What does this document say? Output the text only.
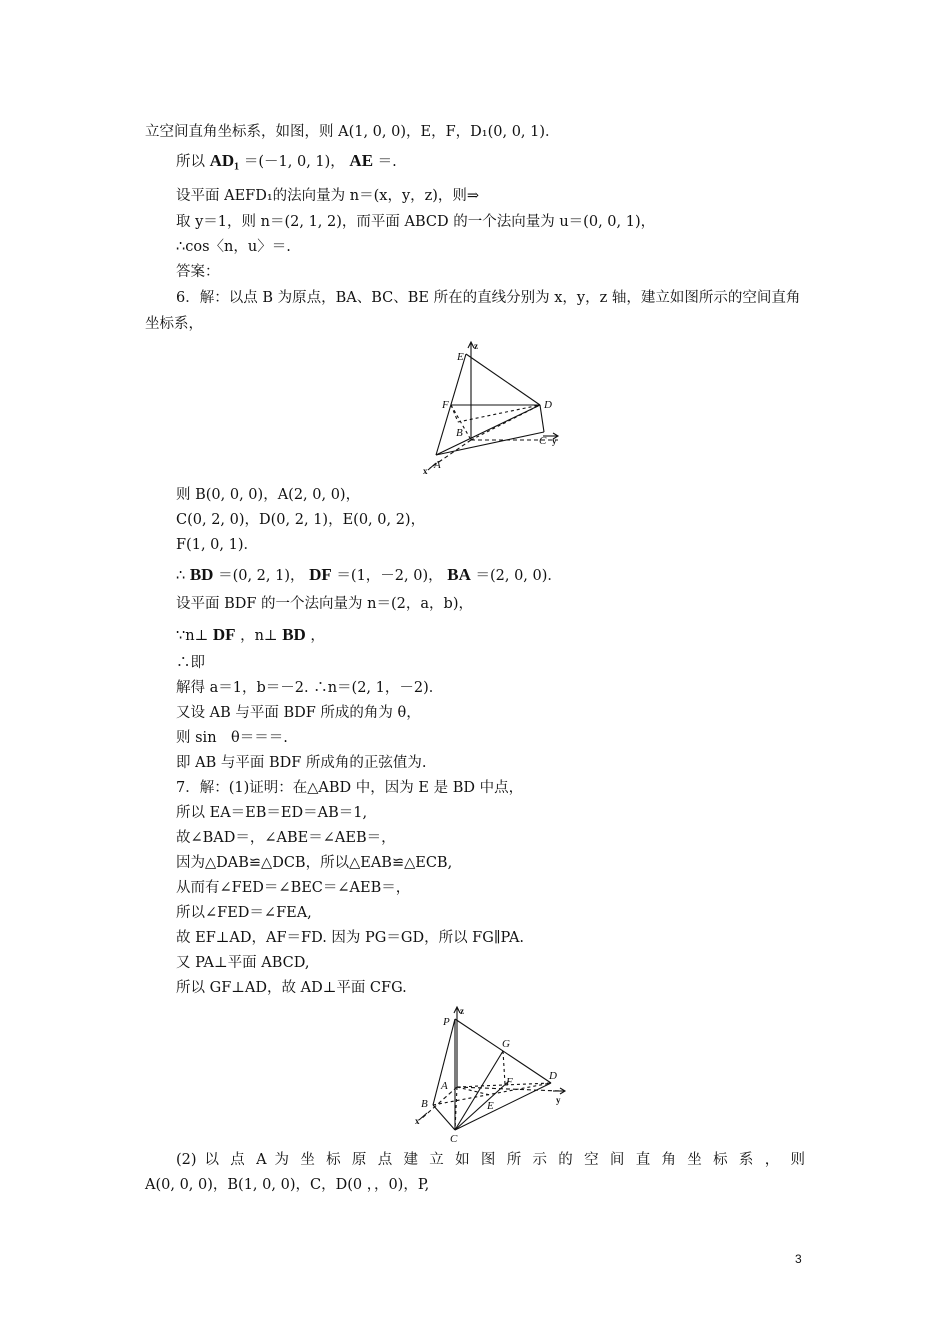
立空间直角坐标系，如图，则 A(1, 0, 0)，E，F，D₁(0, 0, 1)．
所以 AD₁ ＝(－1, 0, 1)， AE ＝.
设平面 AEFD₁的法向量为 n＝(x，y，z)，则⇒
取 y＝1，则 n＝(2, 1, 2)，而平面 ABCD 的一个法向量为 u＝(0, 0, 1)，
∴cos〈n，u〉＝.
答案：
6．解：以点 B 为原点，BA、BC、BE 所在的直线分别为 x，y，z 轴，建立如图所示的空间直角
坐标系，
E
F
B
D
C
A
z
y
x
则 B(0, 0, 0)，A(2, 0, 0)，
C(0, 2, 0)，D(0, 2, 1)，E(0, 0, 2)，
F(1, 0, 1)．
∴ BD ＝(0, 2, 1)， DF ＝(1，－2, 0)， BA ＝(2, 0, 0)．
设平面 BDF 的一个法向量为 n＝(2，a，b)，
∵n⊥ DF ，n⊥ BD ，
∴即
解得 a＝1，b＝－2. ∴n＝(2, 1，－2)．
又设 AB 与平面 BDF 所成的角为 θ，
则 sin　θ＝＝＝.
即 AB 与平面 BDF 所成角的正弦值为.
7．解：(1)证明：在△ABD 中，因为 E 是 BD 中点，
所以 EA＝EB＝ED＝AB＝1,
故∠BAD＝，∠ABE＝∠AEB＝，
因为△DAB≌△DCB，所以△EAB≌△ECB,
从而有∠FED＝∠BEC＝∠AEB＝，
所以∠FED＝∠FEA,
故 EF⊥AD，AF＝FD. 因为 PG＝GD，所以 FG∥PA.
又 PA⊥平面 ABCD,
所以 GF⊥AD，故 AD⊥平面 CFG.
P
G
A	F	D
B	E
C
z
y
x
(2) 以 点 A 为 坐 标 原 点 建 立 如 图 所 示 的 空 间 直 角 坐 标 系 ， 则
A(0, 0, 0)，B(1, 0, 0)，C，D(0 ，，0)，P,
3
